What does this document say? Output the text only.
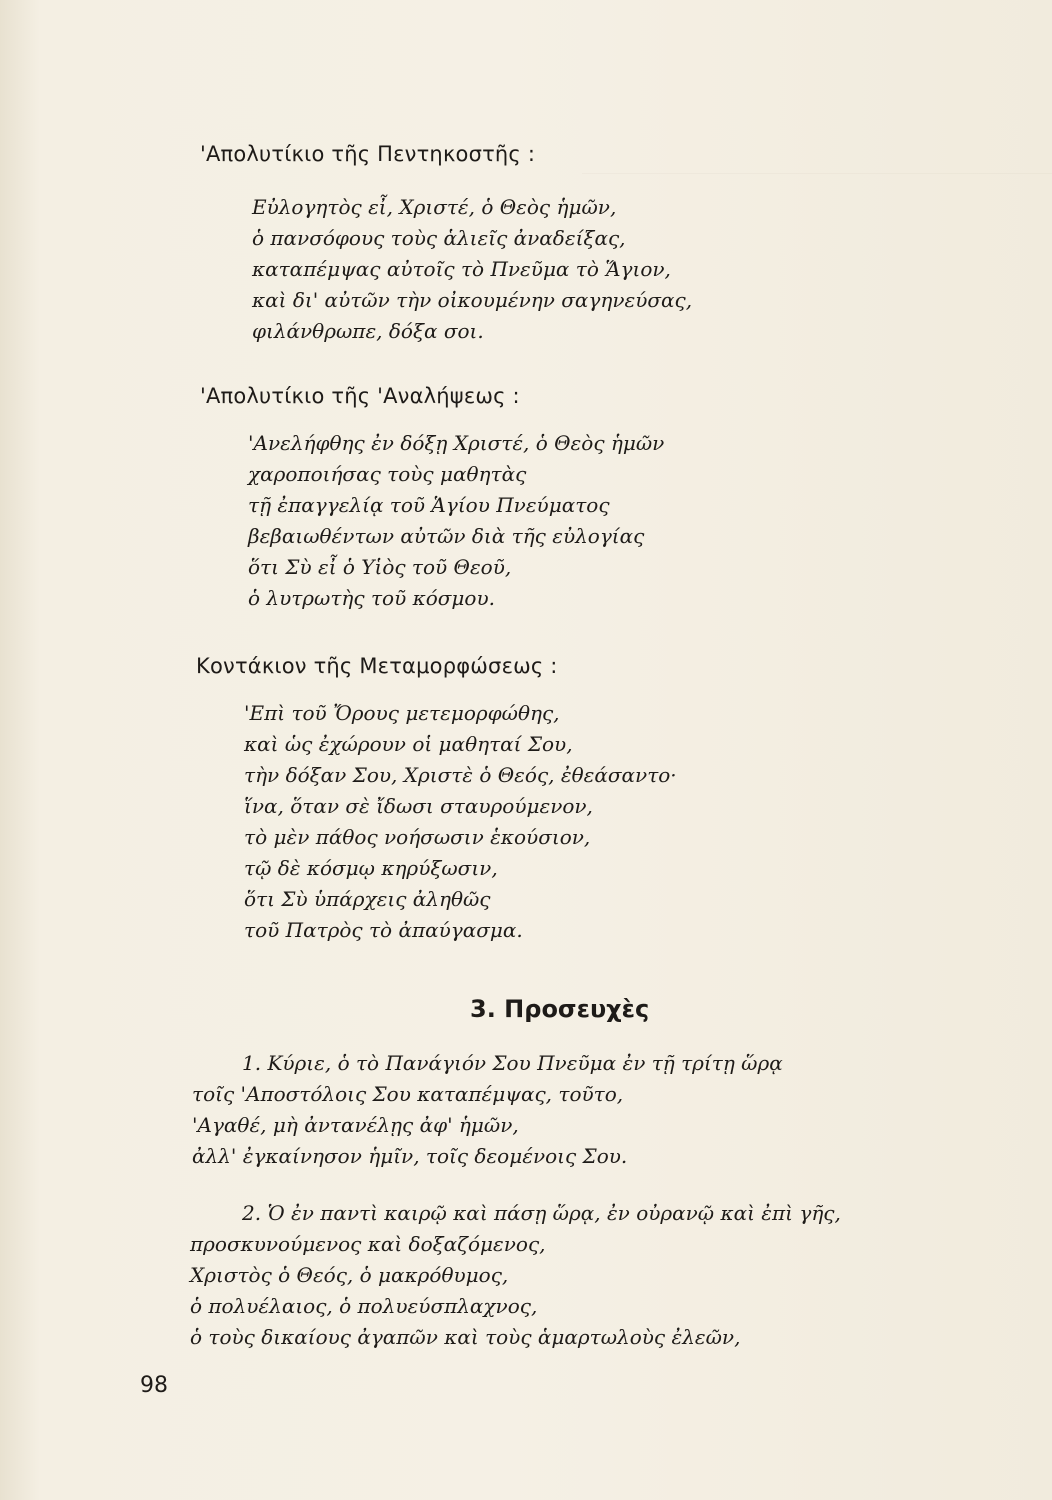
'Απολυτίκιο τῆς Πεντηκοστῆς :
Εὐλογητὸς εἶ, Χριστέ, ὁ Θεὸς ἡμῶν,
ὁ πανσόφους τοὺς ἁλιεῖς ἀναδείξας,
καταπέμψας αὐτοῖς τὸ Πνεῦμα τὸ Ἅγιον,
καὶ δι' αὐτῶν τὴν οἰκουμένην σαγηνεύσας,
φιλάνθρωπε, δόξα σοι.
'Απολυτίκιο τῆς 'Αναλήψεως :
'Ανελήφθης ἐν δόξῃ Χριστέ, ὁ Θεὸς ἡμῶν
χαροποιήσας τοὺς μαθητὰς
τῇ ἐπαγγελίᾳ τοῦ Ἁγίου Πνεύματος
βεβαιωθέντων αὐτῶν διὰ τῆς εὐλογίας
ὅτι Σὺ εἶ ὁ Υἱὸς τοῦ Θεοῦ,
ὁ λυτρωτὴς τοῦ κόσμου.
Κοντάκιον τῆς Μεταμορφώσεως :
'Επὶ τοῦ Ὄρους μετεμορφώθης,
καὶ ὡς ἐχώρουν οἱ μαθηταί Σου,
τὴν δόξαν Σου, Χριστὲ ὁ Θεός, ἐθεάσαντο·
ἵνα, ὅταν σὲ ἴδωσι σταυρούμενον,
τὸ μὲν πάθος νοήσωσιν ἑκούσιον,
τῷ δὲ κόσμῳ κηρύξωσιν,
ὅτι Σὺ ὑπάρχεις ἀληθῶς
τοῦ Πατρὸς τὸ ἀπαύγασμα.
3. Προσευχὲς
1. Κύριε, ὁ τὸ Πανάγιόν Σου Πνεῦμα ἐν τῇ τρίτῃ ὥρᾳ
τοῖς 'Αποστόλοις Σου καταπέμψας, τοῦτο,
'Αγαθέ, μὴ ἀντανέλῃς ἀφ' ἡμῶν,
ἀλλ' ἐγκαίνησον ἡμῖν, τοῖς δεομένοις Σου.
2. Ὁ ἐν παντὶ καιρῷ καὶ πάσῃ ὥρᾳ, ἐν οὐρανῷ καὶ ἐπὶ γῆς,
προσκυνούμενος καὶ δοξαζόμενος,
Χριστὸς ὁ Θεός, ὁ μακρόθυμος,
ὁ πολυέλαιος, ὁ πολυεύσπλαχνος,
ὁ τοὺς δικαίους ἀγαπῶν καὶ τοὺς ἁμαρτωλοὺς ἐλεῶν,
98
